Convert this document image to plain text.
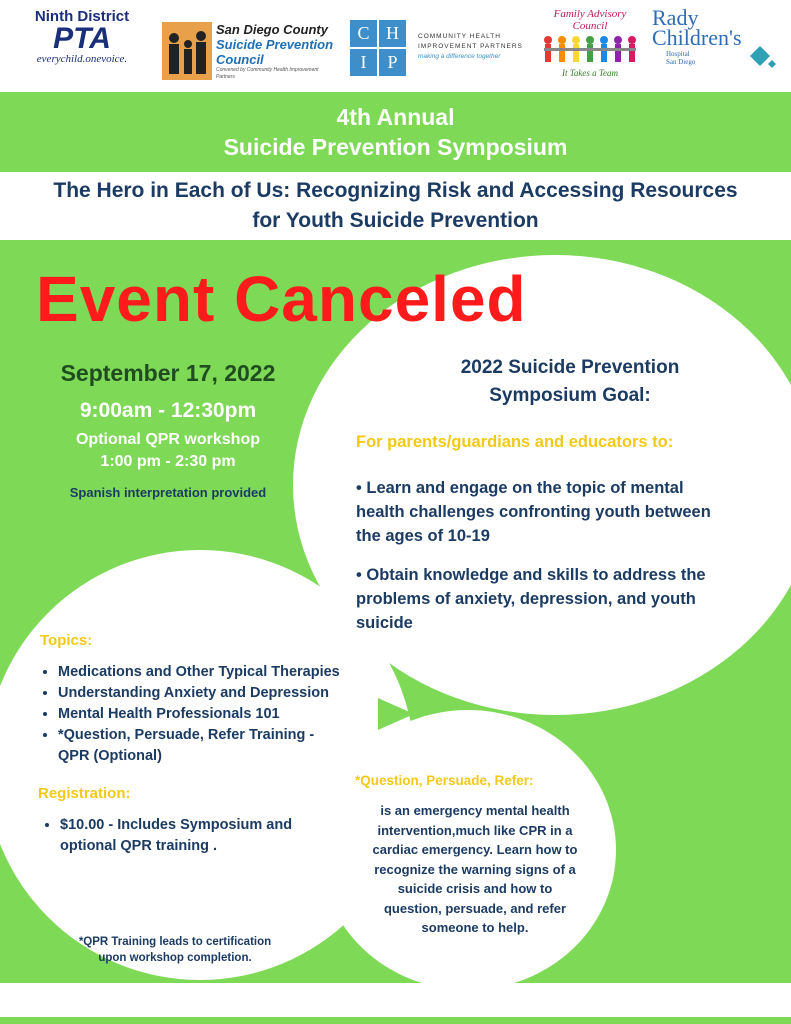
Ninth District
PTA
everychild.onevoice.
San Diego County
Suicide Prevention
Council
Convened by Community Health Improvement Partners
C H
I	P
COMMUNITY HEALTH
IMPROVEMENT PARTNERS
making a difference together
Family Advisory Council
It Takes a Team
Rady
Children's
Hospital
San Diego
4th Annual
Suicide Prevention Symposium
The Hero in Each of Us: Recognizing Risk and Accessing Resources
for Youth Suicide Prevention
Event Canceled
September 17, 2022
9:00am - 12:30pm
Optional QPR workshop
1:00 pm - 2:30 pm
Spanish interpretation provided
2022 Suicide Prevention
Symposium Goal:
For parents/guardians and educators to:
• Learn and engage on the topic of mental
health challenges confronting youth between
the ages of 10-19
• Obtain knowledge and skills to address the
problems of anxiety, depression, and youth
suicide
Topics:
• Medications and Other Typical Therapies
• Understanding Anxiety and Depression
• Mental Health Professionals 101
• *Question, Persuade, Refer Training -
QPR (Optional)
Registration:
• $10.00 - Includes Symposium and
optional QPR training .
*QPR Training leads to certification
upon workshop completion.
*Question, Persuade, Refer:
is an emergency mental health
intervention,much like CPR in a
cardiac emergency. Learn how to
recognize the warning signs of a
suicide crisis and how to
question, persuade, and refer
someone to help.
